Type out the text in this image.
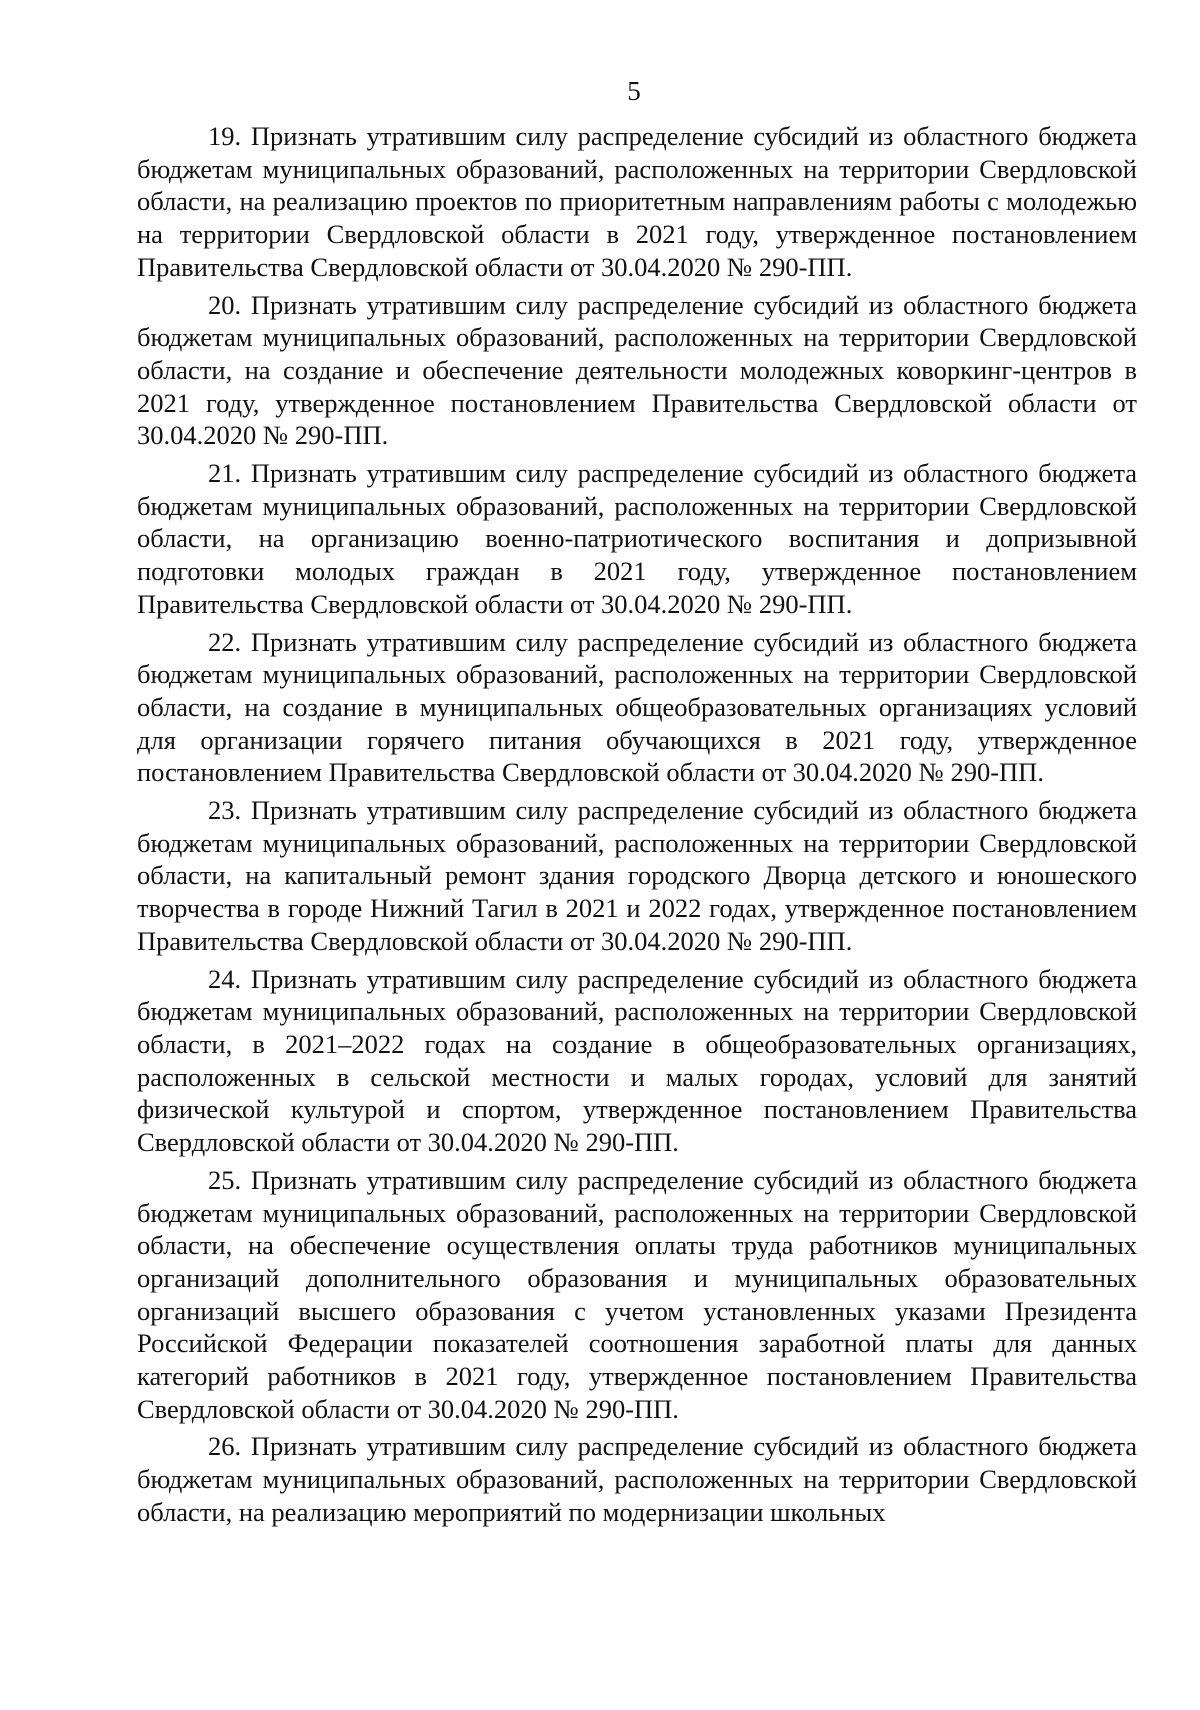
5

19. Признать утратившим силу распределение субсидий из областного бюджета бюджетам муниципальных образований, расположенных на территории Свердловской области, на реализацию проектов по приоритетным направлениям работы с молодежью на территории Свердловской области в 2021 году, утвержденное постановлением Правительства Свердловской области от 30.04.2020 № 290-ПП.

20. Признать утратившим силу распределение субсидий из областного бюджета бюджетам муниципальных образований, расположенных на территории Свердловской области, на создание и обеспечение деятельности молодежных коворкинг-центров в 2021 году, утвержденное постановлением Правительства Свердловской области от 30.04.2020 № 290-ПП.

21. Признать утратившим силу распределение субсидий из областного бюджета бюджетам муниципальных образований, расположенных на территории Свердловской области, на организацию военно-патриотического воспитания и допризывной подготовки молодых граждан в 2021 году, утвержденное постановлением Правительства Свердловской области от 30.04.2020 № 290-ПП.

22. Признать утратившим силу распределение субсидий из областного бюджета бюджетам муниципальных образований, расположенных на территории Свердловской области, на создание в муниципальных общеобразовательных организациях условий для организации горячего питания обучающихся в 2021 году, утвержденное постановлением Правительства Свердловской области от 30.04.2020 № 290-ПП.

23. Признать утратившим силу распределение субсидий из областного бюджета бюджетам муниципальных образований, расположенных на территории Свердловской области, на капитальный ремонт здания городского Дворца детского и юношеского творчества в городе Нижний Тагил в 2021 и 2022 годах, утвержденное постановлением Правительства Свердловской области от 30.04.2020 № 290-ПП.

24. Признать утратившим силу распределение субсидий из областного бюджета бюджетам муниципальных образований, расположенных на территории Свердловской области, в 2021–2022 годах на создание в общеобразовательных организациях, расположенных в сельской местности и малых городах, условий для занятий физической культурой и спортом, утвержденное постановлением Правительства Свердловской области от 30.04.2020 № 290-ПП.

25. Признать утратившим силу распределение субсидий из областного бюджета бюджетам муниципальных образований, расположенных на территории Свердловской области, на обеспечение осуществления оплаты труда работников муниципальных организаций дополнительного образования и муниципальных образовательных организаций высшего образования с учетом установленных указами Президента Российской Федерации показателей соотношения заработной платы для данных категорий работников в 2021 году, утвержденное постановлением Правительства Свердловской области от 30.04.2020 № 290-ПП.

26. Признать утратившим силу распределение субсидий из областного бюджета бюджетам муниципальных образований, расположенных на территории Свердловской области, на реализацию мероприятий по модернизации школьных
